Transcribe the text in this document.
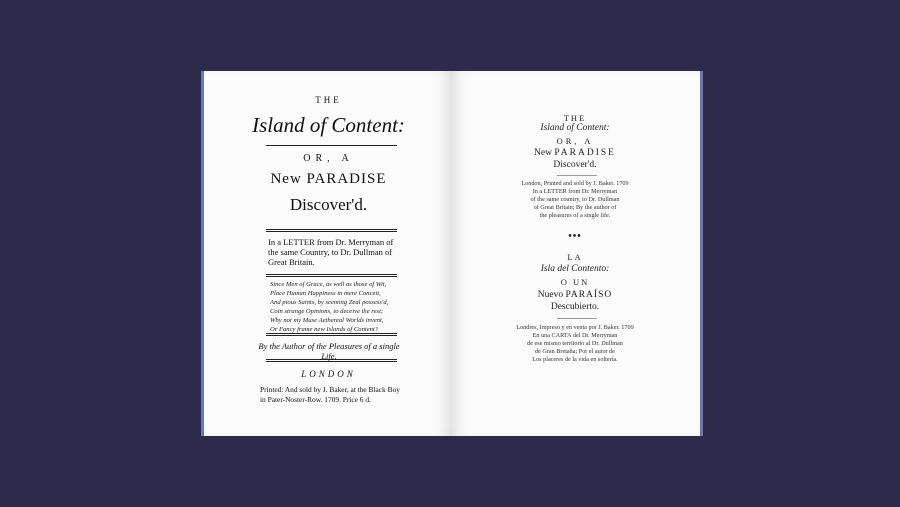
THE
Island of Content:
OR, A
New PARADISE
Discover'd.
In a LETTER from Dr. Merryman of the same Country, to Dr. Dullman of Great Britain.
Since Men of Grace, as well as those of Wit,
Place Human Happiness in mere Conceit,
And pious Saints, by seeming Zeal possess'd,
Coin strange Opinions, to deceive the rest;
Why not my Muse Aethereal Worlds invent,
Or Fancy frame new Islands of Content?
By the Author of the Pleasures of a single Life.
LONDON
Printed: And sold by J. Baker, at the Black Boy
in Pater-Noster-Row. 1709. Price 6 d.
THE
Island of Content:
OR, A
New PARADISE
Discover'd.
London, Printed and sold by J. Baker. 1709
In a LETTER from Dr. Merryman
of the same country, to Dr. Dullman
of Great Britain; By the author of
the pleasures of a single life.
•••
LA
Isla del Contento:
O UN
Nuevo PARAÍSO
Descubierto.
Londres, Impreso y en venta por J. Baker. 1709
En una CARTA del Dr. Merryman
de ese mismo territorio al Dr. Dullman
de Gran Bretaña; Por el autor de
Los placeres de la vida en soltería.
